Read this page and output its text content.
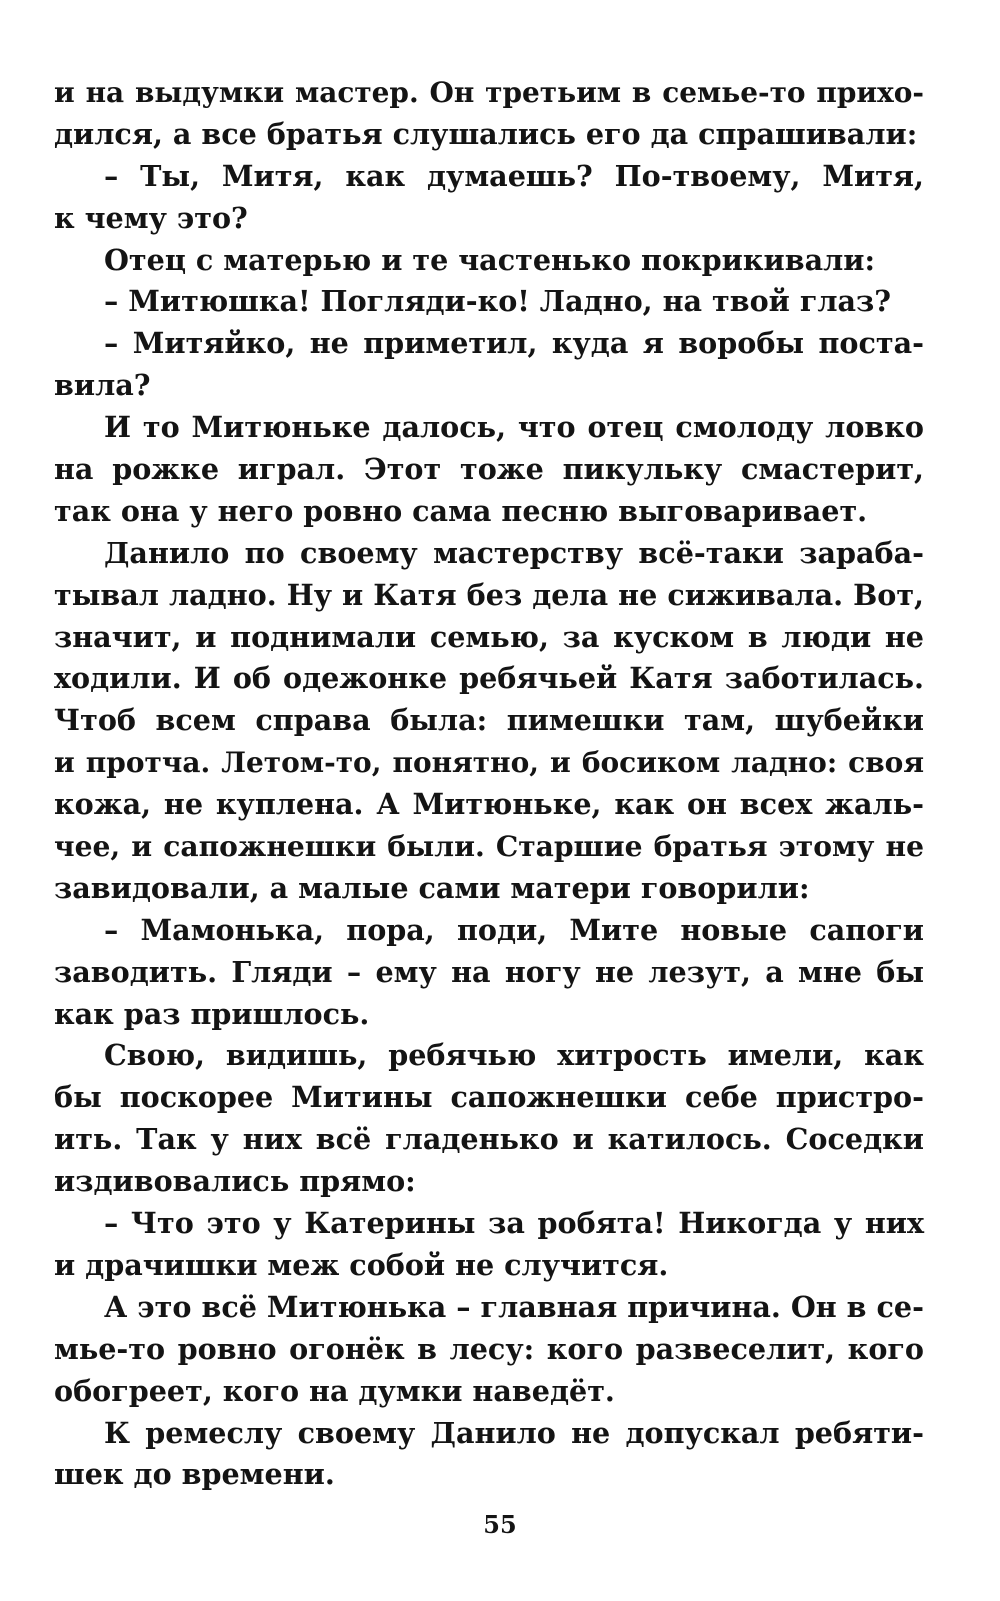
и на выдумки мастер. Он третьим в семье-то прихо-
дился, а все братья слушались его да спрашивали:
– Ты, Митя, как думаешь? По-твоему, Митя,
к чему это?
Отец с матерью и те частенько покрикивали:
– Митюшка! Погляди-ко! Ладно, на твой глаз?
– Митяйко, не приметил, куда я воробы поста-
вила?
И то Митюньке далось, что отец смолоду ловко
на рожке играл. Этот тоже пикульку смастерит,
так она у него ровно сама песню выговаривает.
Данило по своему мастерству всё-таки зараба-
тывал ладно. Ну и Катя без дела не сиживала. Вот,
значит, и поднимали семью, за куском в люди не
ходили. И об одежонке ребячьей Катя заботилась.
Чтоб всем справа была: пимешки там, шубейки
и протча. Летом-то, понятно, и босиком ладно: своя
кожа, не куплена. А Митюньке, как он всех жаль-
чее, и сапожнешки были. Старшие братья этому не
завидовали, а малые сами матери говорили:
– Мамонька, пора, поди, Мите новые сапоги
заводить. Гляди – ему на ногу не лезут, а мне бы
как раз пришлось.
Свою, видишь, ребячью хитрость имели, как
бы поскорее Митины сапожнешки себе пристро-
ить. Так у них всё гладенько и катилось. Соседки
издивовались прямо:
– Что это у Катерины за робята! Никогда у них
и драчишки меж собой не случится.
А это всё Митюнька – главная причина. Он в се-
мье-то ровно огонёк в лесу: кого развеселит, кого
обогреет, кого на думки наведёт.
К ремеслу своему Данило не допускал ребяти-
шек до времени.
55
